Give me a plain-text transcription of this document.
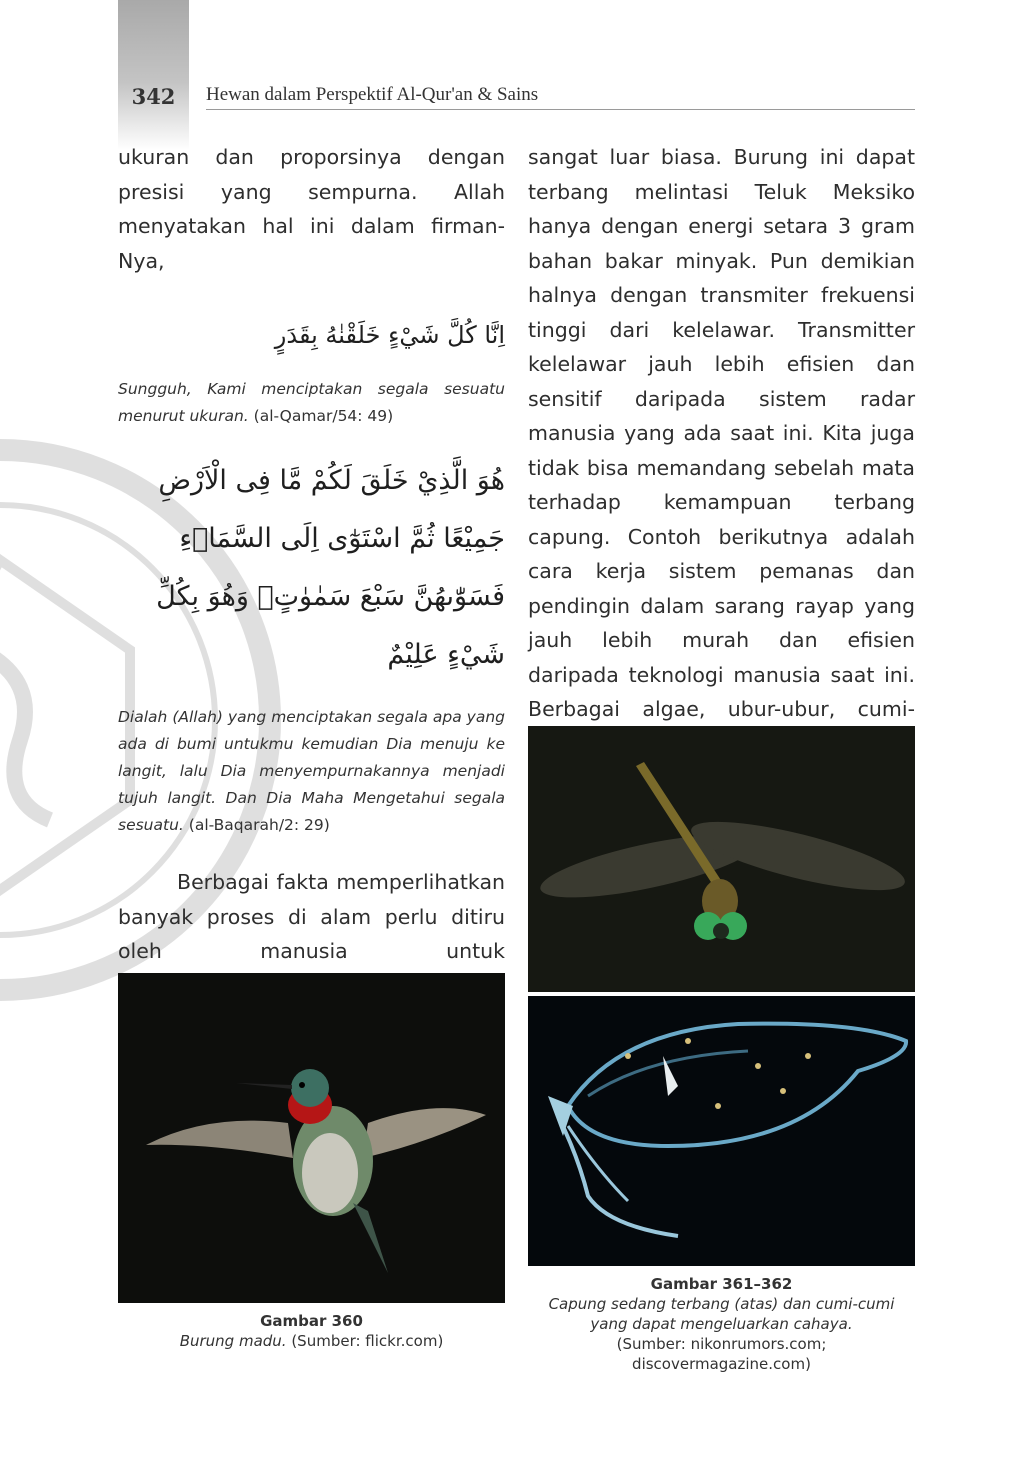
342	Hewan dalam Perspektif Al-Qur'an & Sains

ukuran dan proporsinya dengan presisi yang sempurna. Allah menyatakan hal ini dalam firman-Nya,

اِنَّا كُلَّ شَيْءٍ خَلَقْنٰهُ بِقَدَرٍ

Sungguh, Kami menciptakan segala sesuatu menurut ukuran. (al-Qamar/54: 49)

هُوَ الَّذِيْ خَلَقَ لَكُمْ مَّا فِى الْاَرْضِ جَمِيْعًا ثُمَّ اسْتَوٰٓى اِلَى السَّمَاۤءِ فَسَوّٰىهُنَّ سَبْعَ سَمٰوٰتٍۗ وَهُوَ بِكُلِّ شَيْءٍ عَلِيْمٌ

Dialah (Allah) yang menciptakan segala apa yang ada di bumi untukmu kemudian Dia menuju ke langit, lalu Dia menyempurnakannya menjadi tujuh langit. Dan Dia Maha Mengetahui segala sesuatu. (al-Baqarah/2: 29)

Berbagai fakta memperlihatkan banyak proses di alam perlu ditiru oleh manusia untuk

sangat luar biasa. Burung ini dapat terbang melintasi Teluk Meksiko hanya dengan energi setara 3 gram bahan bakar minyak. Pun demikian halnya dengan transmiter frekuensi tinggi dari kelelawar. Transmitter kelelawar jauh lebih efisien dan sensitif daripada sistem radar manusia yang ada saat ini. Kita juga tidak bisa memandang sebelah mata terhadap kemampuan terbang capung. Contoh berikutnya adalah cara kerja sistem pemanas dan pendingin dalam sarang rayap yang jauh lebih murah dan efisien daripada teknologi manusia saat ini. Berbagai algae, ubur-ubur, cumi-

Gambar 360
Burung madu. (Sumber: flickr.com)
Gambar 361–362
Capung sedang terbang (atas) dan cumi-cumi
yang dapat mengeluarkan cahaya.
(Sumber: nikonrumors.com; discovermagazine.com)
